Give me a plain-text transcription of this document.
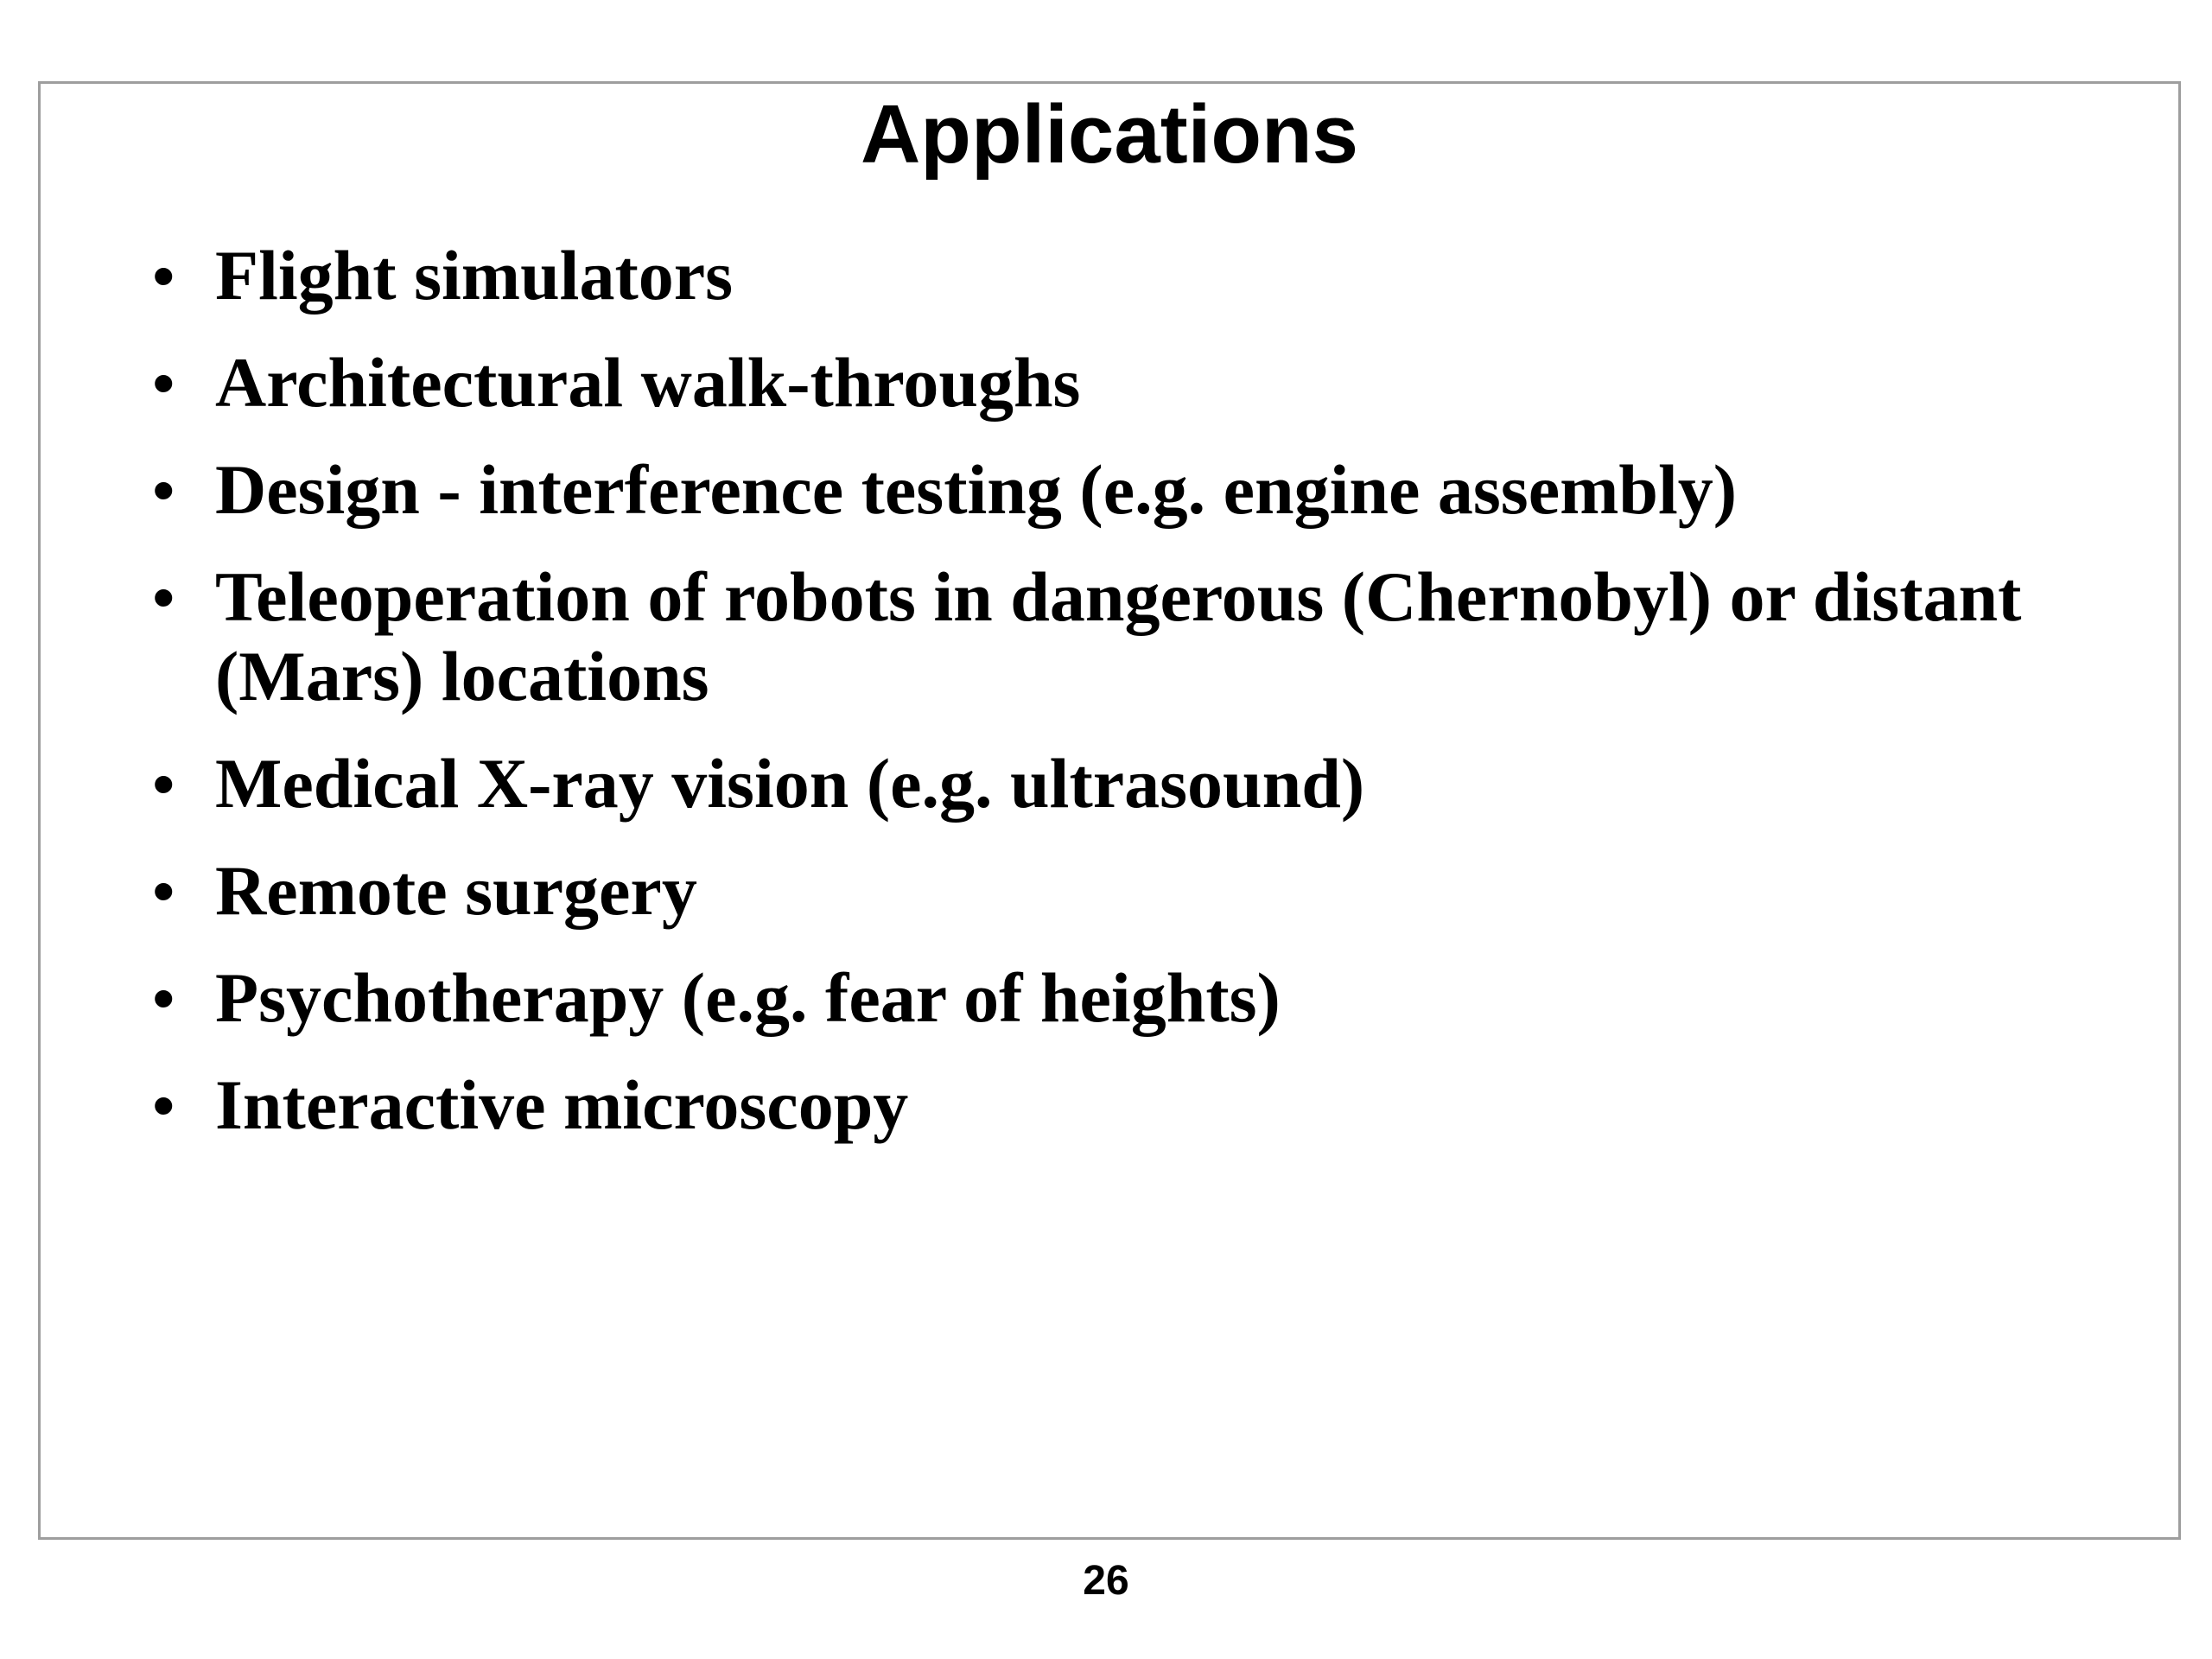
Applications
• Flight simulators
• Architectural walk-throughs
• Design - interference testing (e.g. engine assembly)
• Teleoperation of robots in dangerous (Chernobyl) or distant (Mars) locations
• Medical X-ray vision (e.g. ultrasound)
• Remote surgery
• Psychotherapy (e.g. fear of heights)
• Interactive microscopy
26
